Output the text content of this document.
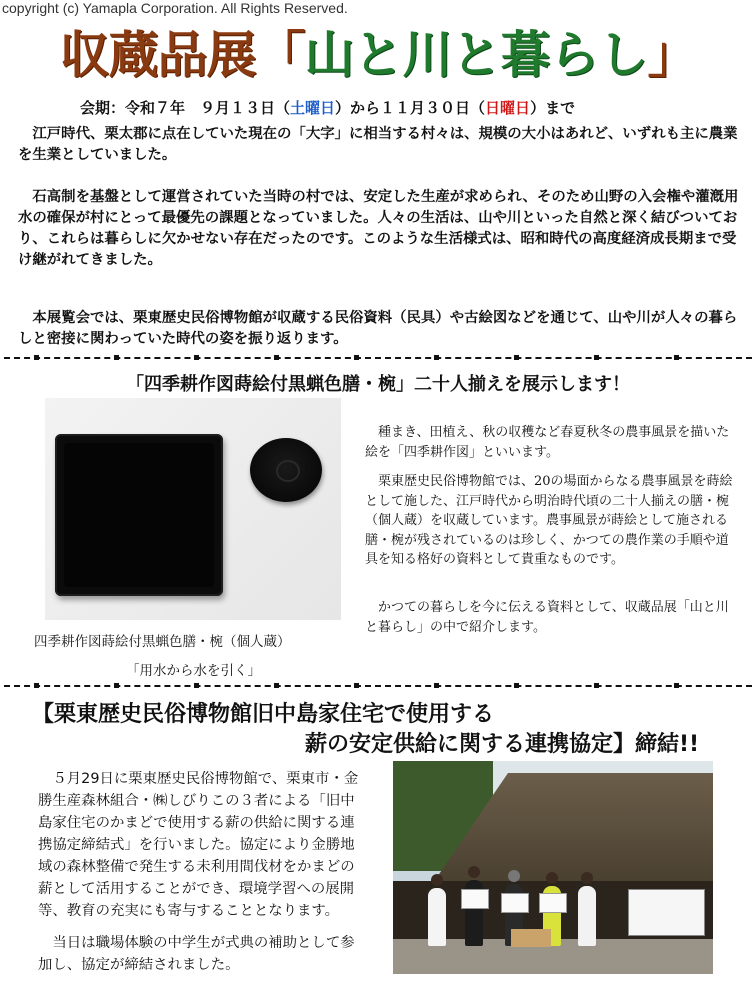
copyright (c) Yamapla Corporation. All Rights Reserved.
収蔵品展「山と川と暮らし」
会期：令和７年　９月１３日（土曜日）から１１月３０日（日曜日）まで

江戸時代、栗太郡に点在していた現在の「大字」に相当する村々は、規模の大小はあれど、いずれも主に農業を生業としていました。

石高制を基盤として運営されていた当時の村では、安定した生産が求められ、そのため山野の入会権や灌漑用水の確保が村にとって最優先の課題となっていました。人々の生活は、山や川といった自然と深く結びついており、これらは暮らしに欠かせない存在だったのです。このような生活様式は、昭和時代の高度経済成長期まで受け継がれてきました。

本展覧会では、栗東歴史民俗博物館が収蔵する民俗資料（民具）や古絵図などを通じて、山や川が人々の暮らしと密接に関わっていた時代の姿を振り返ります。

「四季耕作図蒔絵付黒蝋色膳・椀」二十人揃えを展示します！
四季耕作図蒔絵付黒蝋色膳・椀（個人蔵）
「用水から水を引く」

種まき、田植え、秋の収穫など春夏秋冬の農事風景を描いた絵を「四季耕作図」といいます。

栗東歴史民俗博物館では、20の場面からなる農事風景を蒔絵として施した、江戸時代から明治時代頃の二十人揃えの膳・椀（個人蔵）を収蔵しています。農事風景が蒔絵として施される膳・椀が残されているのは珍しく、かつての農作業の手順や道具を知る格好の資料として貴重なものです。

かつての暮らしを今に伝える資料として、収蔵品展「山と川と暮らし」の中で紹介します。

【栗東歴史民俗博物館旧中島家住宅で使用する
薪の安定供給に関する連携協定】締結!!

５月29日に栗東歴史民俗博物館で、栗東市・金勝生産森林組合・㈱しびりこの３者による「旧中島家住宅のかまどで使用する薪の供給に関する連携協定締結式」を行いました。協定により金勝地域の森林整備で発生する未利用間伐材をかまどの薪として活用することができ、環境学習への展開等、教育の充実にも寄与することとなります。

当日は職場体験の中学生が式典の補助として参加し、協定が締結されました。
